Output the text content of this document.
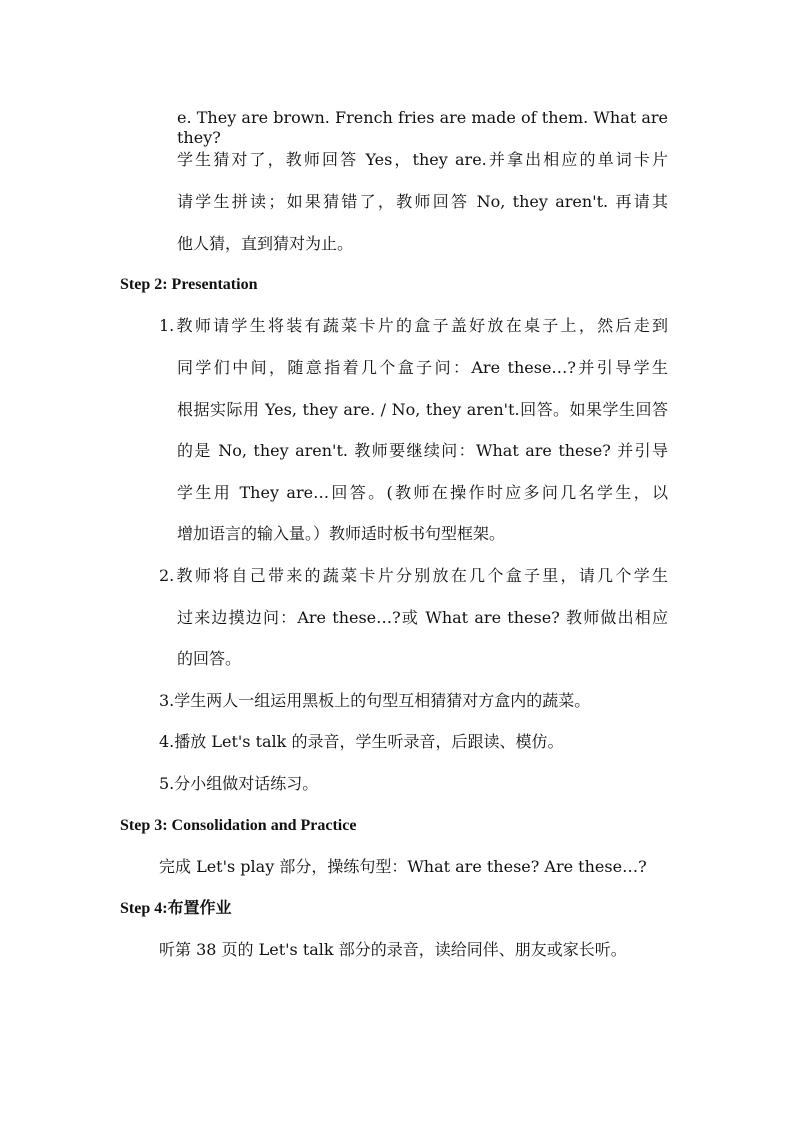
e. They are brown. French fries are made of them. What are they?
学生猜对了，教师回答 Yes，they are.并拿出相应的单词卡片
请学生拼读；如果猜错了，教师回答 No, they aren't. 再请其
他人猜，直到猜对为止。
Step 2: Presentation
1.教师请学生将装有蔬菜卡片的盒子盖好放在桌子上，然后走到
同学们中间，随意指着几个盒子问：Are these…?并引导学生
根据实际用 Yes, they are. / No, they aren't.回答。如果学生回答
的是 No, they aren't. 教师要继续问：What are these? 并引导
学生用 They are…回答。(教师在操作时应多问几名学生，以
增加语言的输入量。）教师适时板书句型框架。
2.教师将自己带来的蔬菜卡片分别放在几个盒子里，请几个学生
过来边摸边问：Are these…?或 What are these? 教师做出相应
的回答。
3.学生两人一组运用黑板上的句型互相猜猜对方盒内的蔬菜。
4.播放 Let's talk 的录音，学生听录音，后跟读、模仿。
5.分小组做对话练习。
Step 3: Consolidation and Practice
完成 Let's play 部分，操练句型：What are these? Are these…?
Step 4:布置作业
听第 38 页的 Let's talk 部分的录音，读给同伴、朋友或家长听。
